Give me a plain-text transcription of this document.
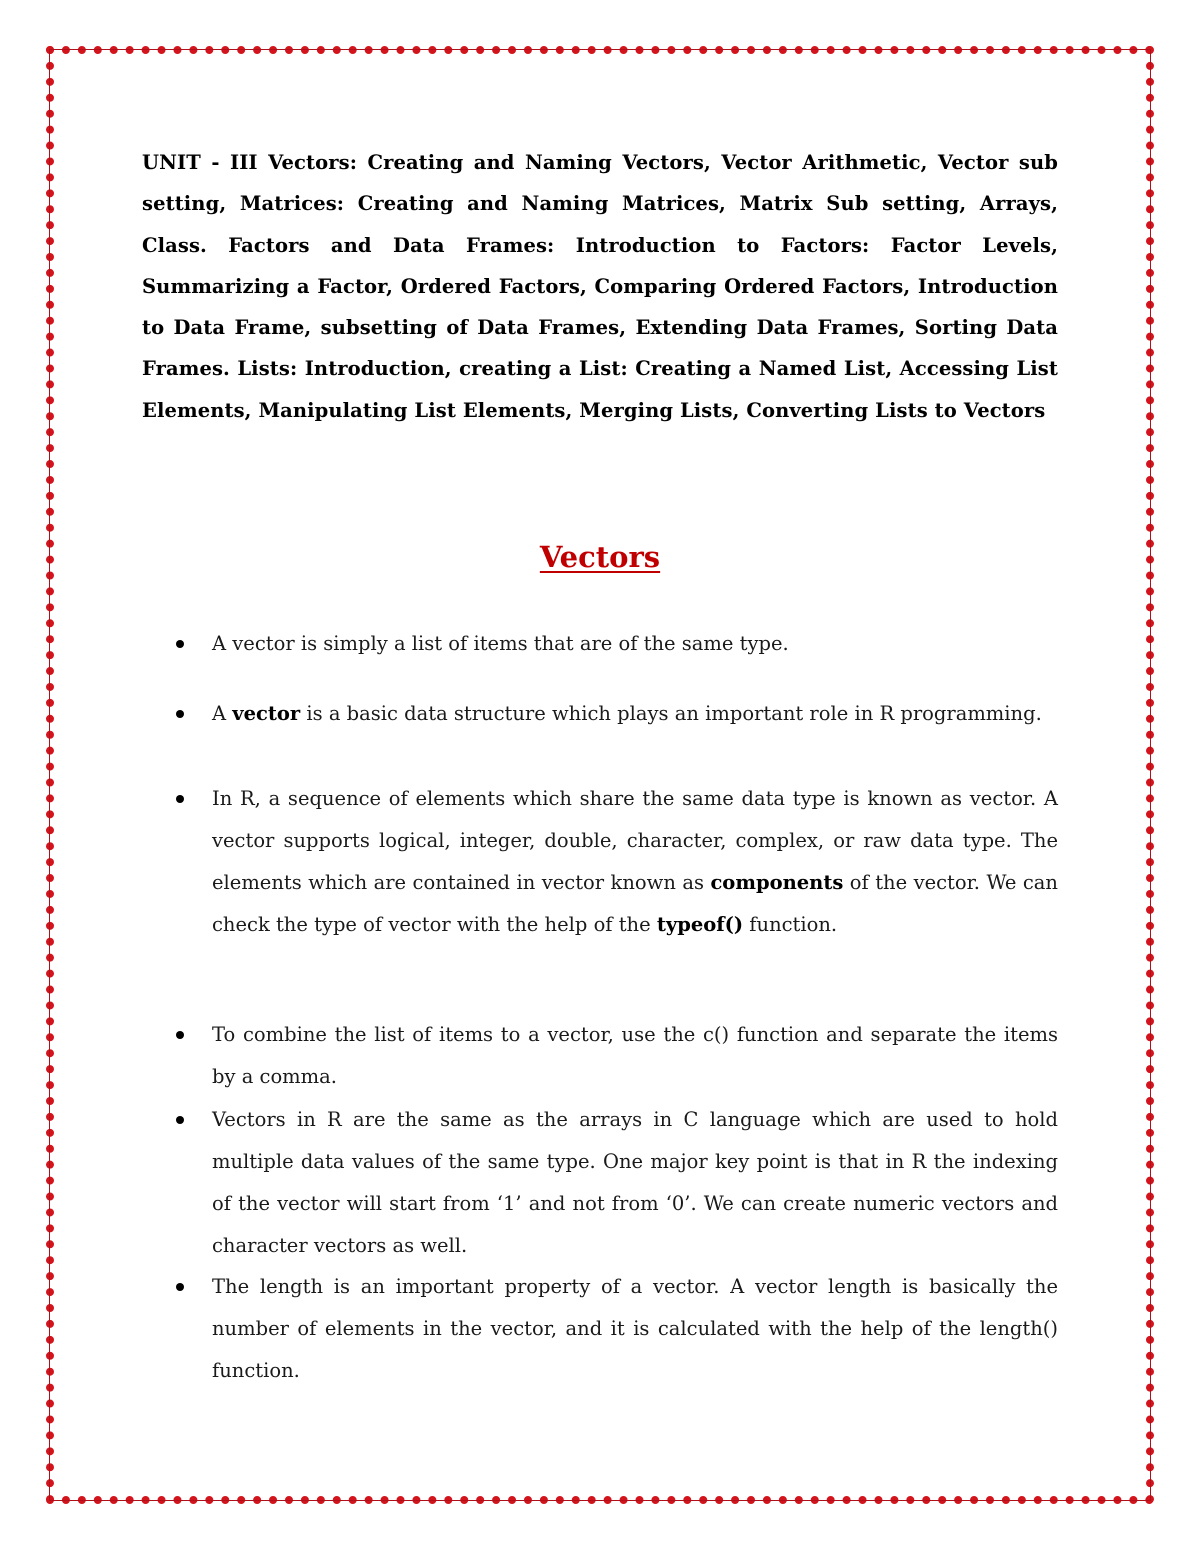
UNIT - III Vectors: Creating and Naming Vectors, Vector Arithmetic, Vector sub setting, Matrices: Creating and Naming Matrices, Matrix Sub setting, Arrays, Class. Factors and Data Frames: Introduction to Factors: Factor Levels, Summarizing a Factor, Ordered Factors, Comparing Ordered Factors, Introduction to Data Frame, subsetting of Data Frames, Extending Data Frames, Sorting Data Frames. Lists: Introduction, creating a List: Creating a Named List, Accessing List Elements, Manipulating List Elements, Merging Lists, Converting Lists to Vectors

Vectors
A vector is simply a list of items that are of the same type.
A vector is a basic data structure which plays an important role in R programming.
In R, a sequence of elements which share the same data type is known as vector. A vector supports logical, integer, double, character, complex, or raw data type. The elements which are contained in vector known as components of the vector. We can check the type of vector with the help of the typeof() function.
To combine the list of items to a vector, use the c() function and separate the items by a comma.
Vectors in R are the same as the arrays in C language which are used to hold multiple data values of the same type. One major key point is that in R the indexing of the vector will start from ‘1’ and not from ‘0’. We can create numeric vectors and character vectors as well.
The length is an important property of a vector. A vector length is basically the number of elements in the vector, and it is calculated with the help of the length() function.
